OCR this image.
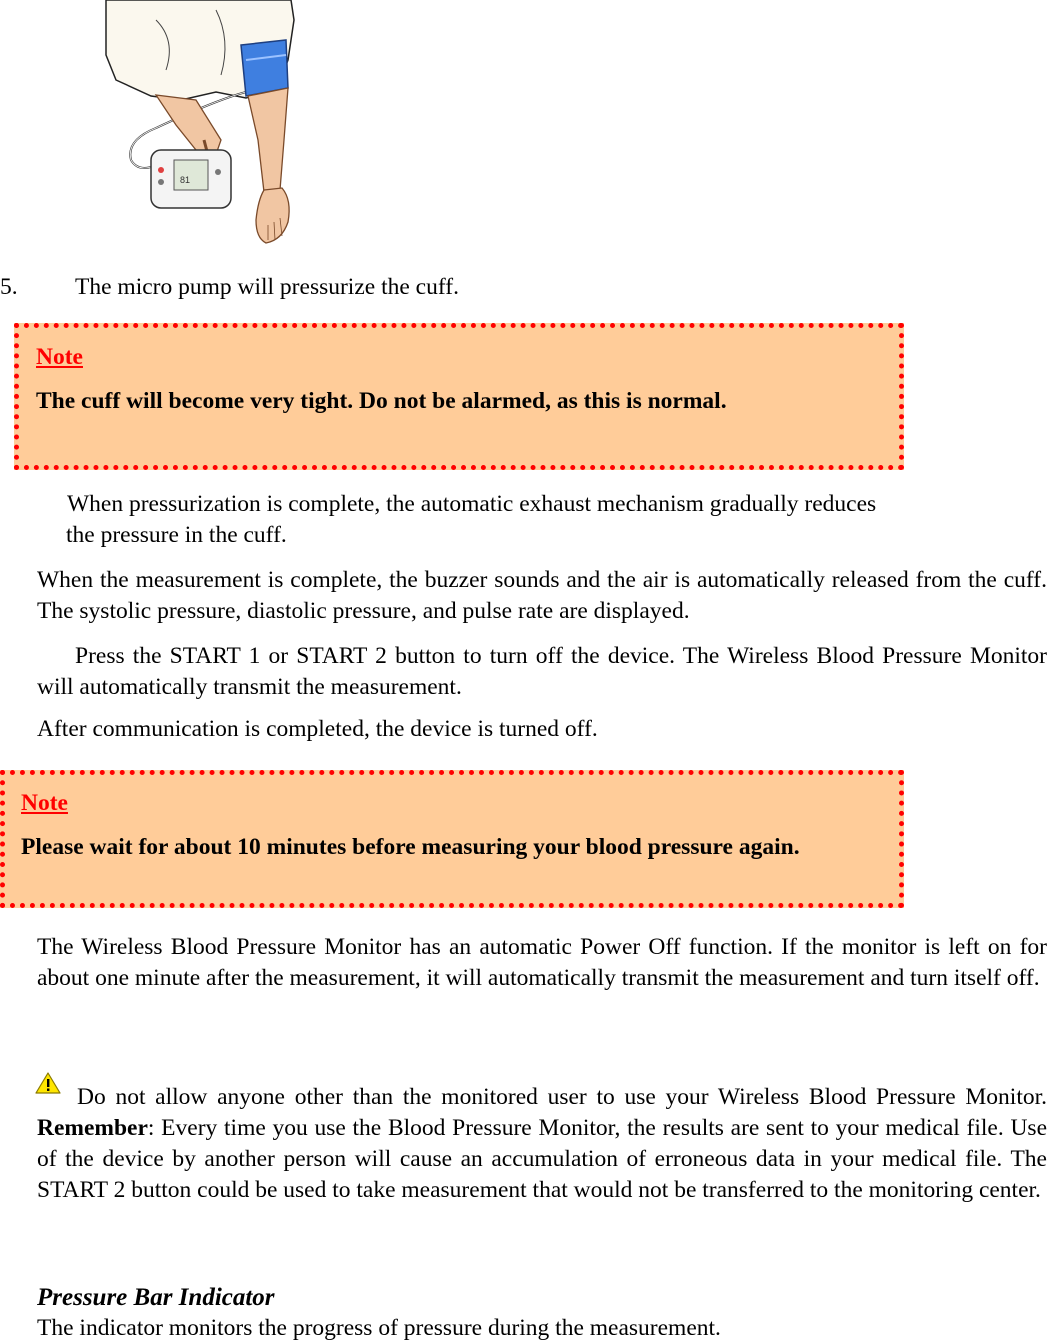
81
5. The micro pump will pressurize the cuff.
Note
The cuff will become very tight. Do not be alarmed, as this is normal.
When pressurization is complete, the automatic exhaust mechanism gradually reduces
the pressure in the cuff.
When the measurement is complete, the buzzer sounds and the air is automatically released from the cuff. The systolic pressure, diastolic pressure, and pulse rate are displayed.
Press the START 1 or START 2 button to turn off the device. The Wireless Blood Pressure Monitor will automatically transmit the measurement.
After communication is completed, the device is turned off.
Note
Please wait for about 10 minutes before measuring your blood pressure again.
The Wireless Blood Pressure Monitor has an automatic Power Off function. If the monitor is left on for about one minute after the measurement, it will automatically transmit the measurement and turn itself off.
Do not allow anyone other than the monitored user to use your Wireless Blood Pressure Monitor. Remember: Every time you use the Blood Pressure Monitor, the results are sent to your medical file. Use of the device by another person will cause an accumulation of erroneous data in your medical file. The START 2 button could be used to take measurement that would not be transferred to the monitoring center.
Pressure Bar Indicator
The indicator monitors the progress of pressure during the measurement.
